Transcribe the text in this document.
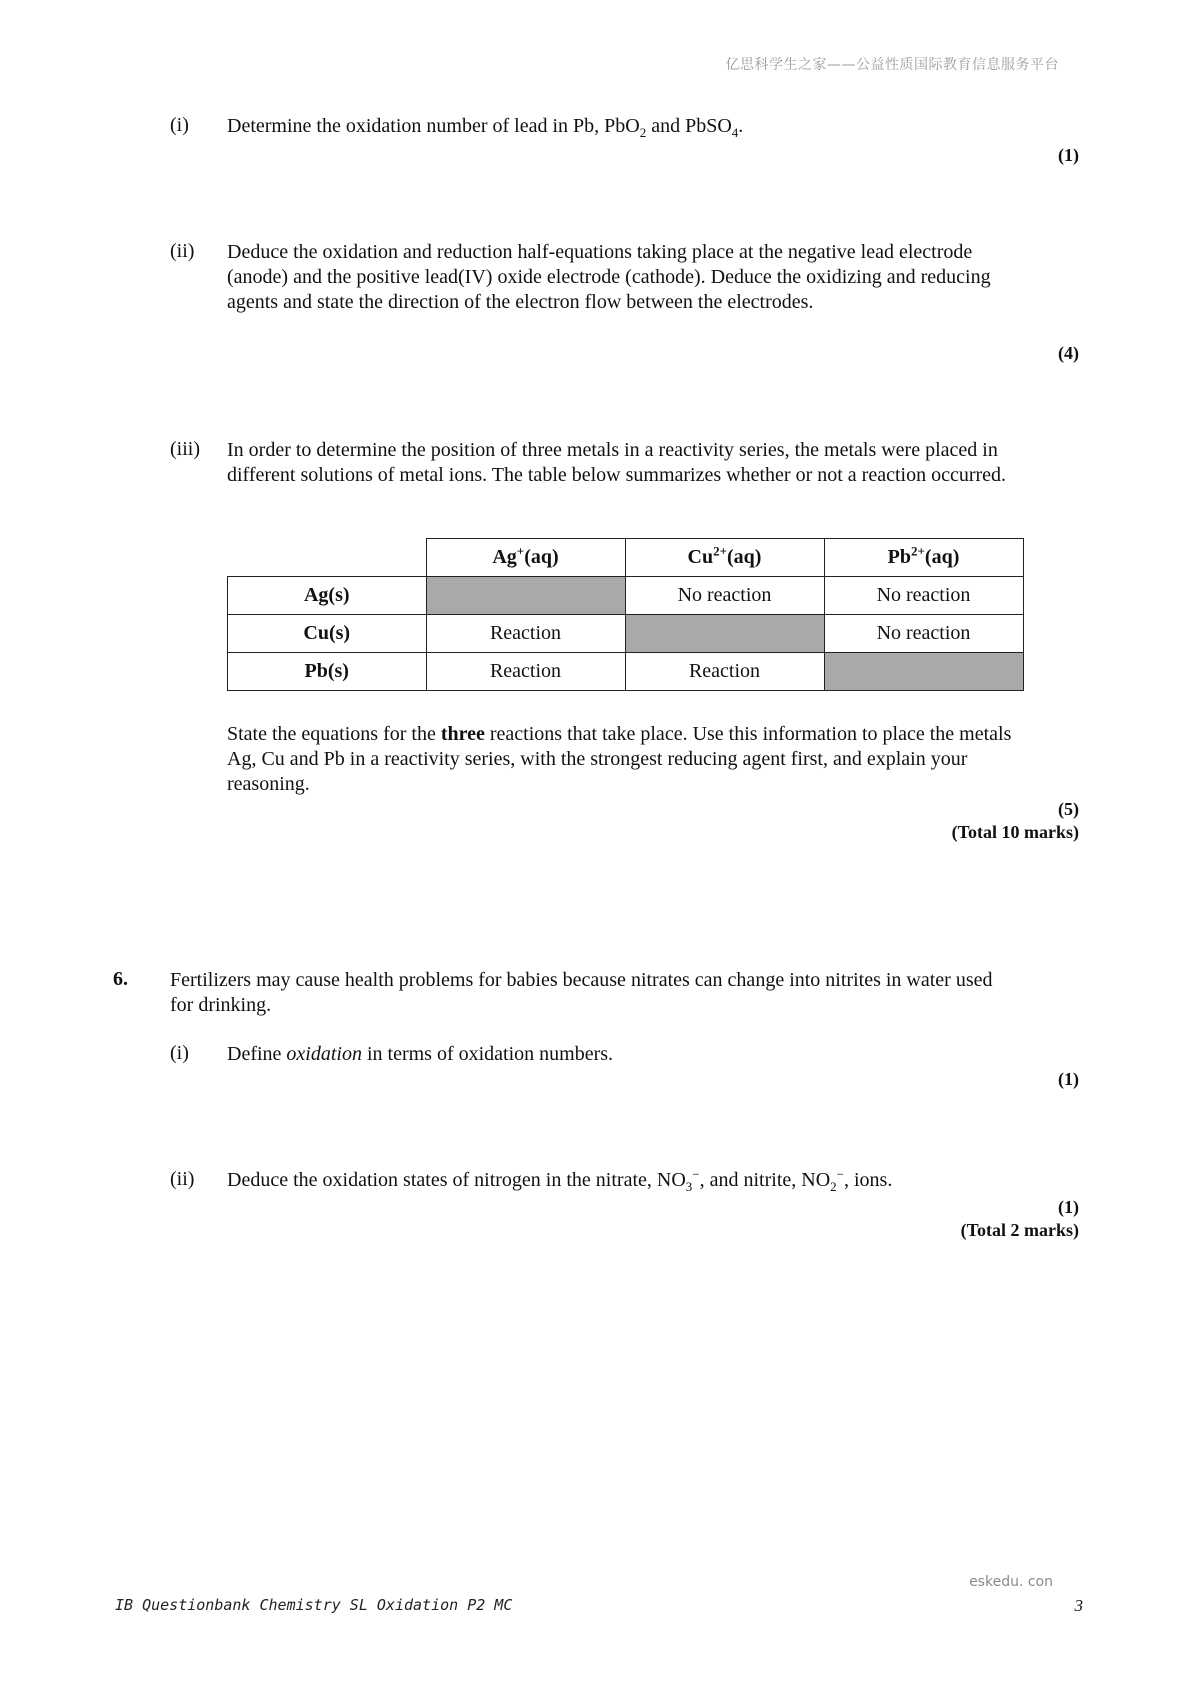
亿思科学生之家——公益性质国际教育信息服务平台
(i) Determine the oxidation number of lead in Pb, PbO$_2$ and PbSO$_4$.
(1)
(ii) Deduce the oxidation and reduction half-equations taking place at the negative lead electrode (anode) and the positive lead(IV) oxide electrode (cathode). Deduce the oxidizing and reducing agents and state the direction of the electron flow between the electrodes.
(4)
(iii) In order to determine the position of three metals in a reactivity series, the metals were placed in different solutions of metal ions. The table below summarizes whether or not a reaction occurred.
	Ag+(aq)	$Cu^{2+}(aq)$	$Pb^{2+}(aq)$
Ag(s)		No reaction	No reaction
Cu(s)	Reaction		No reaction
Pb(s)	Reaction	Reaction	
State the equations for the three reactions that take place. Use this information to place the metals Ag, Cu and Pb in a reactivity series, with the strongest reducing agent first, and explain your reasoning.
(5)
(Total 10 marks)
6. Fertilizers may cause health problems for babies because nitrates can change into nitrites in water used for drinking.
(i) Define oxidation in terms of oxidation numbers.
(1)
(ii) Deduce the oxidation states of nitrogen in the nitrate, $NO_3^-$, and nitrite, $NO_2^-$, ions.
(1)
(Total 2 marks)
eskedu. con
IB Questionbank Chemistry SL Oxidation P2 MC	3
